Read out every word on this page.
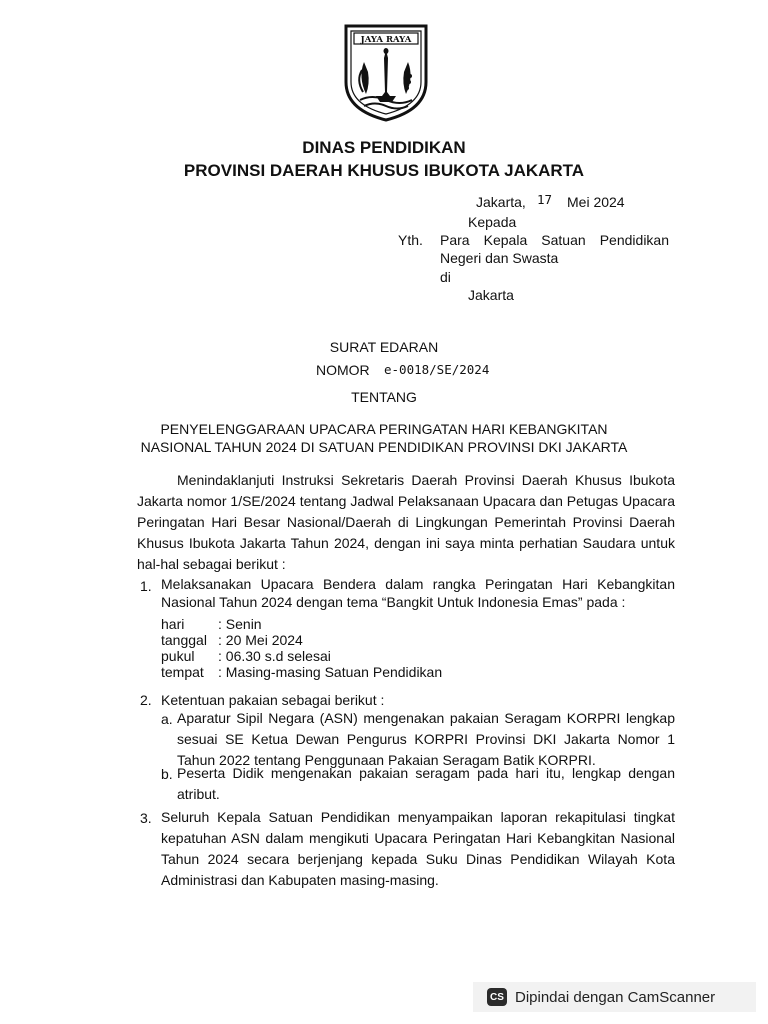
JAYA RAYA
DINAS PENDIDIKAN
PROVINSI DAERAH KHUSUS IBUKOTA JAKARTA
Jakarta, 17 Mei 2024
Kepada
Yth. Para Kepala Satuan Pendidikan
Negeri dan Swasta
di
Jakarta
SURAT EDARAN
NOMOR e-0018/SE/2024
TENTANG
PENYELENGGARAAN UPACARA PERINGATAN HARI KEBANGKITAN
NASIONAL TAHUN 2024 DI SATUAN PENDIDIKAN PROVINSI DKI JAKARTA
Menindaklanjuti Instruksi Sekretaris Daerah Provinsi Daerah Khusus Ibukota Jakarta nomor 1/SE/2024 tentang Jadwal Pelaksanaan Upacara dan Petugas Upacara Peringatan Hari Besar Nasional/Daerah di Lingkungan Pemerintah Provinsi Daerah Khusus Ibukota Jakarta Tahun 2024, dengan ini saya minta perhatian Saudara untuk hal-hal sebagai berikut :
1. Melaksanakan Upacara Bendera dalam rangka Peringatan Hari Kebangkitan Nasional Tahun 2024 dengan tema “Bangkit Untuk Indonesia Emas” pada :
hari	: Senin
tanggal	: 20 Mei 2024
pukul	: 06.30 s.d selesai
tempat	: Masing-masing Satuan Pendidikan
2. Ketentuan pakaian sebagai berikut :
a. Aparatur Sipil Negara (ASN) mengenakan pakaian Seragam KORPRI lengkap sesuai SE Ketua Dewan Pengurus KORPRI Provinsi DKI Jakarta Nomor 1 Tahun 2022 tentang Penggunaan Pakaian Seragam Batik KORPRI.
b. Peserta Didik mengenakan pakaian seragam pada hari itu, lengkap dengan atribut.
3. Seluruh Kepala Satuan Pendidikan menyampaikan laporan rekapitulasi tingkat kepatuhan ASN dalam mengikuti Upacara Peringatan Hari Kebangkitan Nasional Tahun 2024 secara berjenjang kepada Suku Dinas Pendidikan Wilayah Kota Administrasi dan Kabupaten masing-masing.
CS Dipindai dengan CamScanner
